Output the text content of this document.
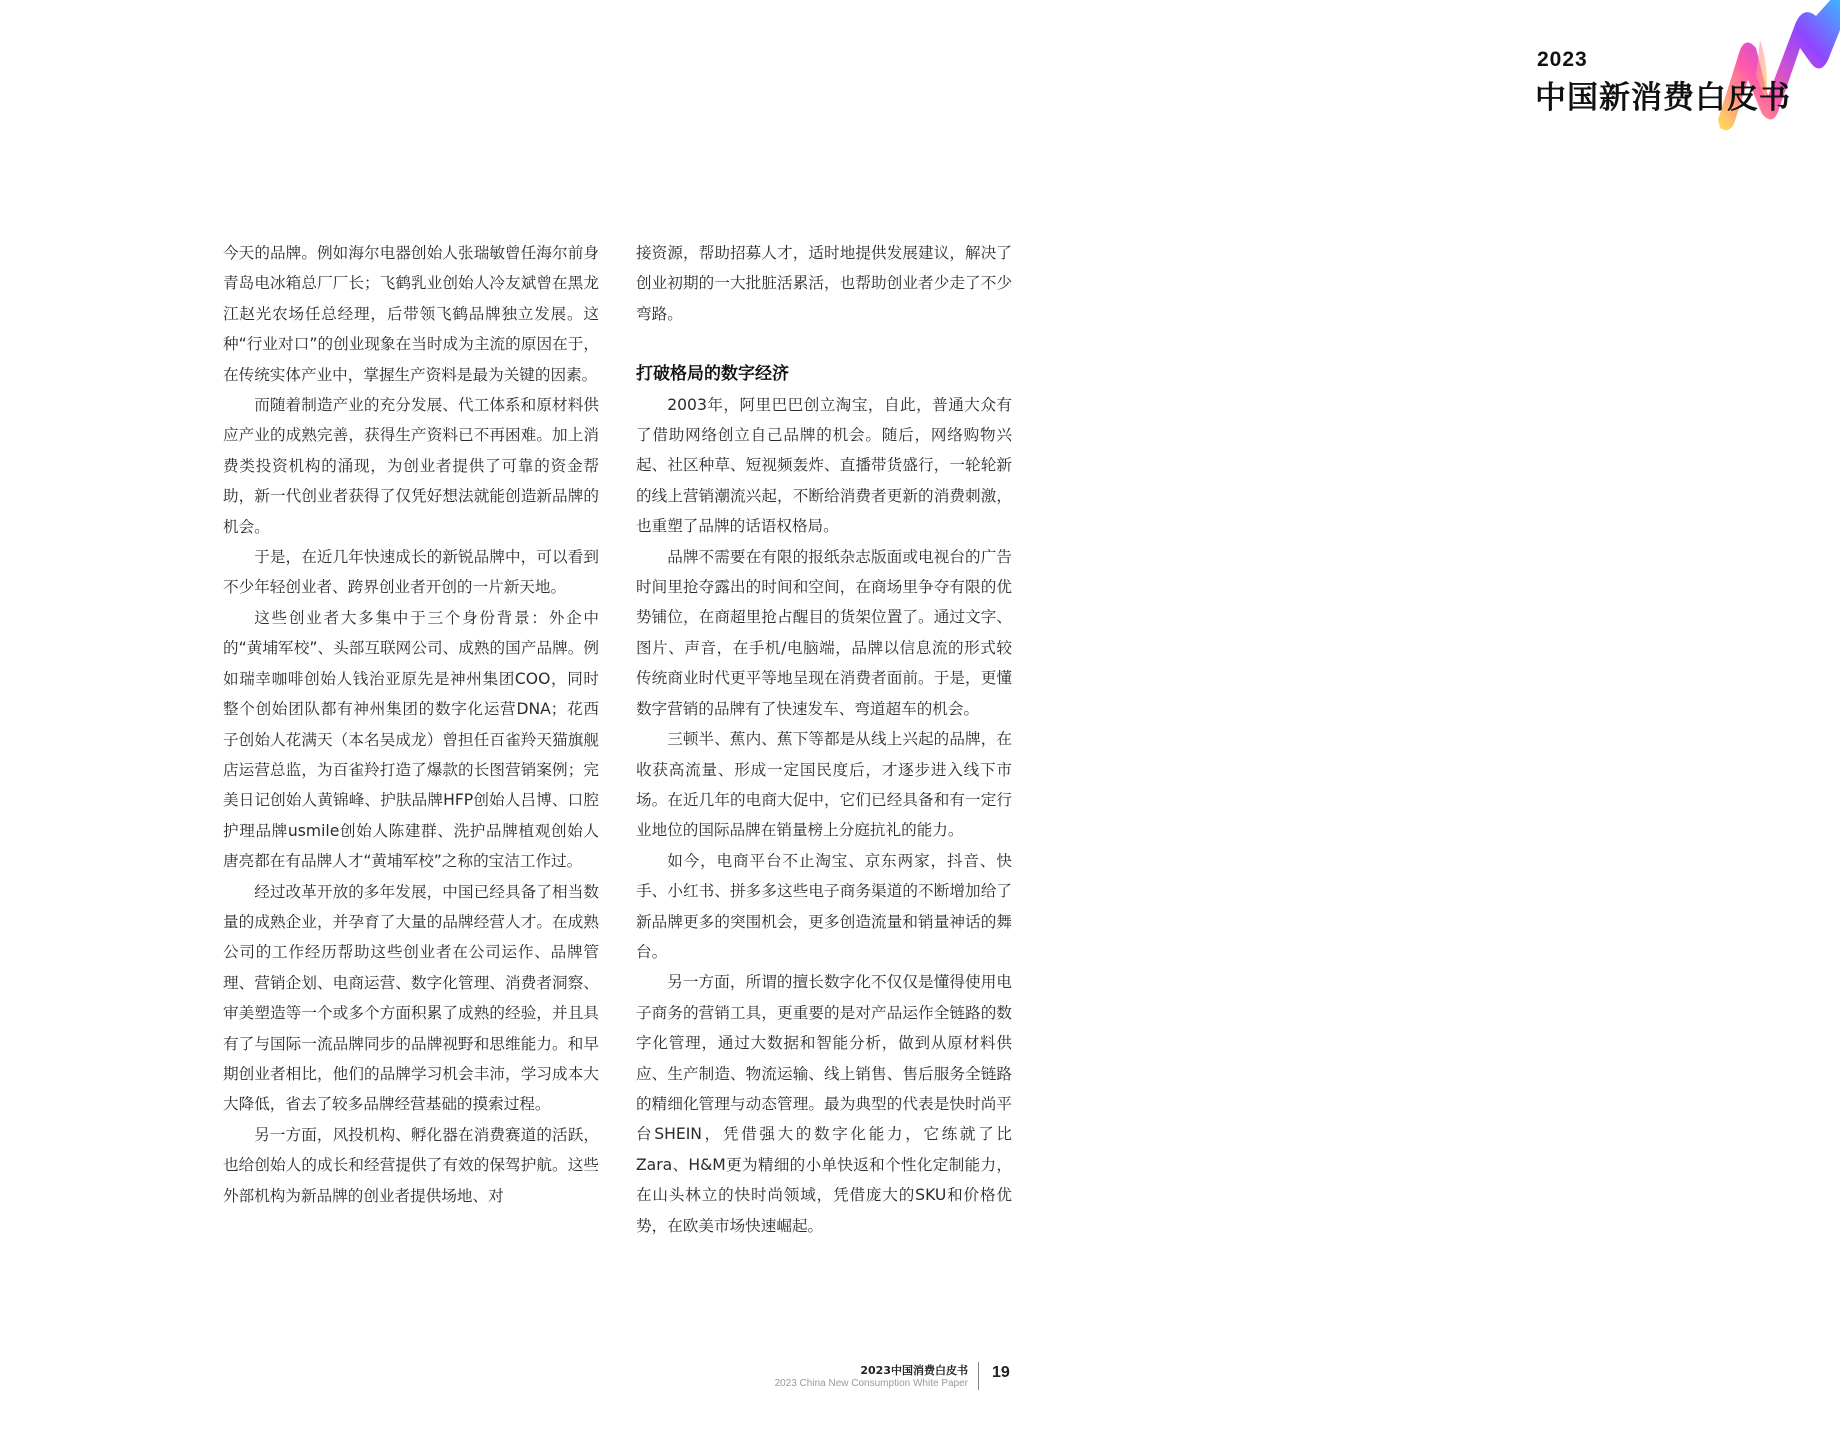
2023
中国新消费白皮书

今天的品牌。例如海尔电器创始人张瑞敏曾任海尔前身青岛电冰箱总厂厂长；飞鹤乳业创始人冷友斌曾在黑龙江赵光农场任总经理，后带领飞鹤品牌独立发展。这种“行业对口”的创业现象在当时成为主流的原因在于，在传统实体产业中，掌握生产资料是最为关键的因素。

而随着制造产业的充分发展、代工体系和原材料供应产业的成熟完善，获得生产资料已不再困难。加上消费类投资机构的涌现，为创业者提供了可靠的资金帮助，新一代创业者获得了仅凭好想法就能创造新品牌的机会。

于是，在近几年快速成长的新锐品牌中，可以看到不少年轻创业者、跨界创业者开创的一片新天地。

这些创业者大多集中于三个身份背景：外企中的“黄埔军校”、头部互联网公司、成熟的国产品牌。例如瑞幸咖啡创始人钱治亚原先是神州集团COO，同时整个创始团队都有神州集团的数字化运营DNA；花西子创始人花满天（本名吴成龙）曾担任百雀羚天猫旗舰店运营总监，为百雀羚打造了爆款的长图营销案例；完美日记创始人黄锦峰、护肤品牌HFP创始人吕博、口腔护理品牌usmile创始人陈建群、洗护品牌植观创始人唐亮都在有品牌人才“黄埔军校”之称的宝洁工作过。

经过改革开放的多年发展，中国已经具备了相当数量的成熟企业，并孕育了大量的品牌经营人才。在成熟公司的工作经历帮助这些创业者在公司运作、品牌管理、营销企划、电商运营、数字化管理、消费者洞察、审美塑造等一个或多个方面积累了成熟的经验，并且具有了与国际一流品牌同步的品牌视野和思维能力。和早期创业者相比，他们的品牌学习机会丰沛，学习成本大大降低，省去了较多品牌经营基础的摸索过程。

另一方面，风投机构、孵化器在消费赛道的活跃，也给创始人的成长和经营提供了有效的保驾护航。这些外部机构为新品牌的创业者提供场地、对

接资源，帮助招募人才，适时地提供发展建议，解决了创业初期的一大批脏活累活，也帮助创业者少走了不少弯路。

打破格局的数字经济

2003年，阿里巴巴创立淘宝，自此，普通大众有了借助网络创立自己品牌的机会。随后，网络购物兴起、社区种草、短视频轰炸、直播带货盛行，一轮轮新的线上营销潮流兴起，不断给消费者更新的消费刺激，也重塑了品牌的话语权格局。

品牌不需要在有限的报纸杂志版面或电视台的广告时间里抢夺露出的时间和空间，在商场里争夺有限的优势铺位，在商超里抢占醒目的货架位置了。通过文字、图片、声音，在手机/电脑端，品牌以信息流的形式较传统商业时代更平等地呈现在消费者面前。于是，更懂数字营销的品牌有了快速发车、弯道超车的机会。

三顿半、蕉内、蕉下等都是从线上兴起的品牌，在收获高流量、形成一定国民度后，才逐步进入线下市场。在近几年的电商大促中，它们已经具备和有一定行业地位的国际品牌在销量榜上分庭抗礼的能力。

如今，电商平台不止淘宝、京东两家，抖音、快手、小红书、拼多多这些电子商务渠道的不断增加给了新品牌更多的突围机会，更多创造流量和销量神话的舞台。

另一方面，所谓的擅长数字化不仅仅是懂得使用电子商务的营销工具，更重要的是对产品运作全链路的数字化管理，通过大数据和智能分析，做到从原材料供应、生产制造、物流运输、线上销售、售后服务全链路的精细化管理与动态管理。最为典型的代表是快时尚平台SHEIN，凭借强大的数字化能力，它练就了比Zara、H&M更为精细的小单快返和个性化定制能力，在山头林立的快时尚领域，凭借庞大的SKU和价格优势，在欧美市场快速崛起。

2023中国消费白皮书
2023 China New Consumption White Paper
19
